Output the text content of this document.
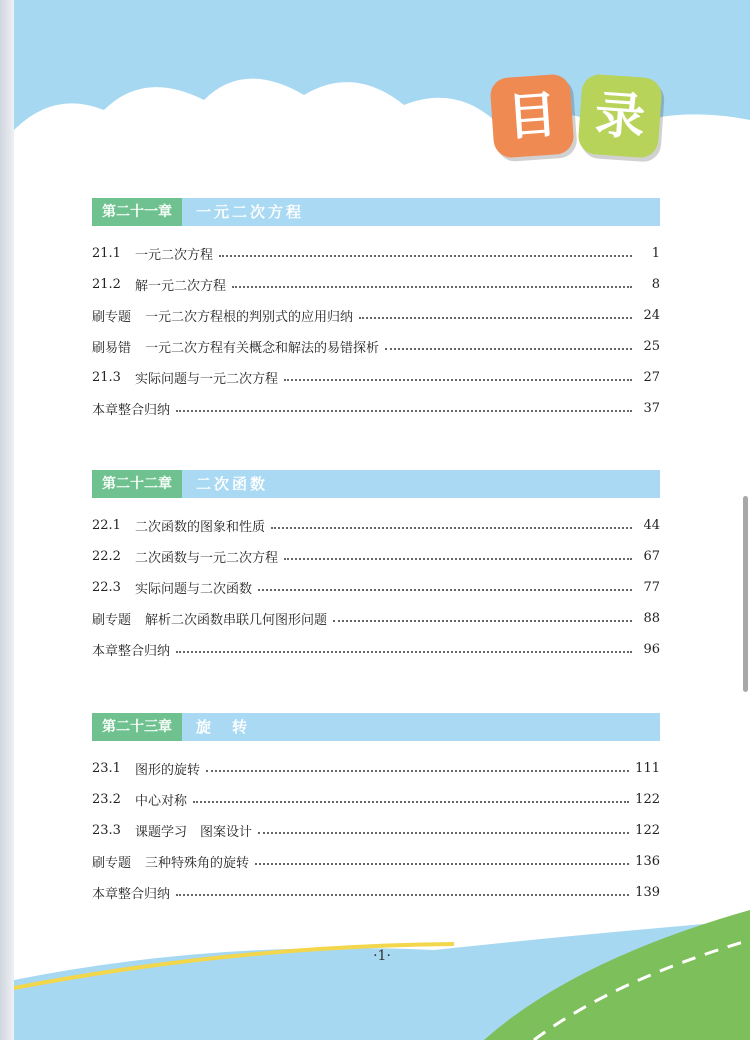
目 录
第二十一章	一元二次方程
21.1 一元二次方程	1
21.2 解一元二次方程	8
刷专题 一元二次方程根的判别式的应用归纳	24
刷易错 一元二次方程有关概念和解法的易错探析	25
21.3 实际问题与一元二次方程	27
本章整合归纳	37
第二十二章	二次函数
22.1 二次函数的图象和性质	44
22.2 二次函数与一元二次方程	67
22.3 实际问题与二次函数	77
刷专题 解析二次函数串联几何图形问题	88
本章整合归纳	96
第二十三章	旋　转
23.1 图形的旋转	111
23.2 中心对称	122
23.3 课题学习　图案设计	122
刷专题 三种特殊角的旋转	136
本章整合归纳	139
·1·
